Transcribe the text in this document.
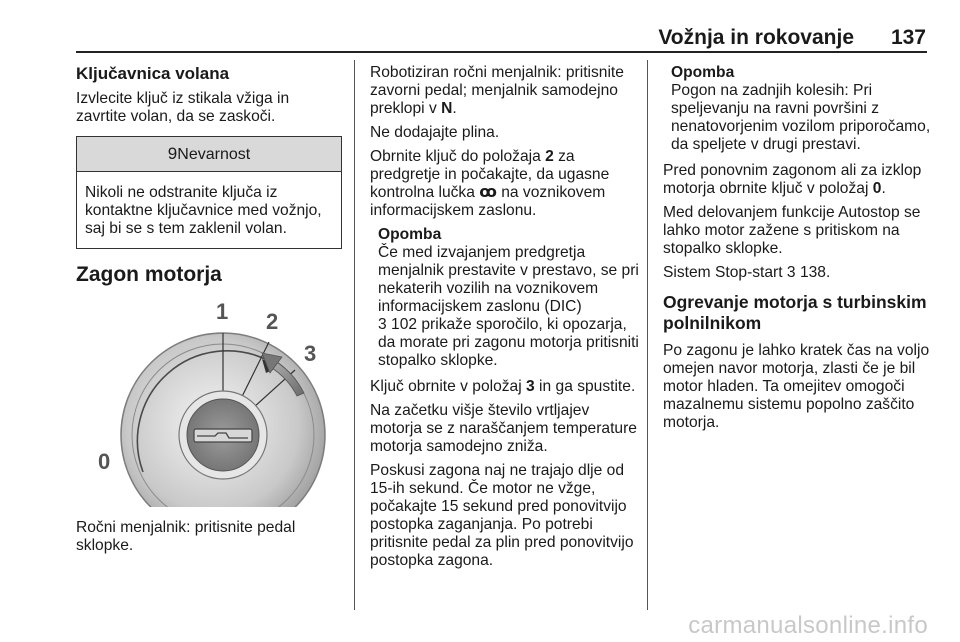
Vožnja in rokovanje	137
Ključavnica volana

Izvlecite ključ iz stikala vžiga in zavrtite volan, da se zaskoči.

9Nevarnost
Nikoli ne odstranite ključa iz kontaktne ključavnice med vožnjo, saj bi se s tem zaklenil volan.
Zagon motorja
1 2
3
0

Ročni menjalnik: pritisnite pedal sklopke.

Robotiziran ročni menjalnik: pritisnite zavorni pedal; menjalnik samodejno preklopi v N.

Ne dodajajte plina.

Obrnite ključ do položaja 2 za predgretje in počakajte, da ugasne kontrolna lučka ꝏ na voznikovem informacijskem zaslonu.

Opomba
Če med izvajanjem predgretja menjalnik prestavite v prestavo, se pri nekaterih vozilih na voznikovem informacijskem zaslonu (DIC)
3 102 prikaže sporočilo, ki opozarja, da morate pri zagonu motorja pritisniti stopalko sklopke.

Ključ obrnite v položaj 3 in ga spustite.

Na začetku višje število vrtljajev motorja se z naraščanjem temperature motorja samodejno zniža.

Poskusi zagona naj ne trajajo dlje od 15-ih sekund. Če motor ne vžge, počakajte 15 sekund pred ponovitvijo postopka zaganjanja. Po potrebi pritisnite pedal za plin pred ponovitvijo postopka zagona.

Opomba
Pogon na zadnjih kolesih: Pri speljevanju na ravni površini z nenatovorjenim vozilom priporočamo, da speljete v drugi prestavi.

Pred ponovnim zagonom ali za izklop motorja obrnite ključ v položaj 0.

Med delovanjem funkcije Autostop se lahko motor zažene s pritiskom na stopalko sklopke.

Sistem Stop-start 3 138.

Ogrevanje motorja s turbinskim polnilnikom

Po zagonu je lahko kratek čas na voljo omejen navor motorja, zlasti če je bil motor hladen. Ta omejitev omogoči mazalnemu sistemu popolno zaščito motorja.

carmanualsonline.info
